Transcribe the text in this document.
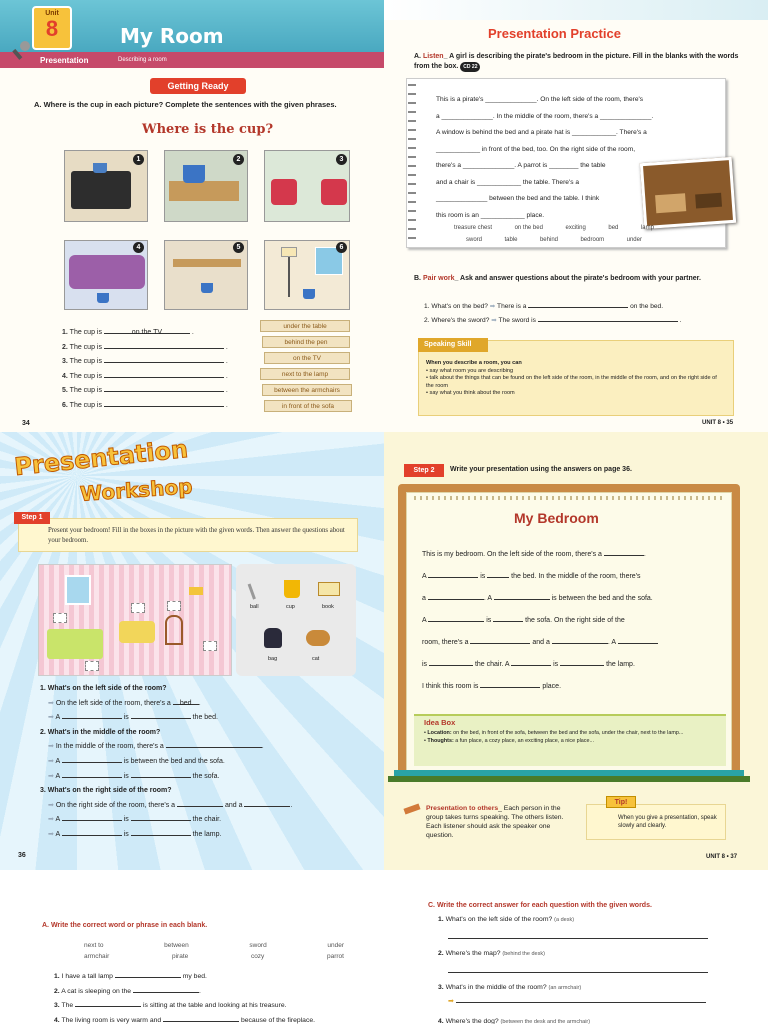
Unit
8	My Room
Presentation	Describing a room
Getting Ready
A. Where is the cup in each picture? Complete the sentences with the given phrases.
Where is the cup?
1	2	3
4	5	6
1. The cup is	on the TV	.
2. The cup is	.
3. The cup is	.
4. The cup is	.
5. The cup is	.
6. The cup is	.
under the table
behind the pen
on the TV
next to the lamp
between the armchairs
in front of the sofa
34
Presentation Practice
A. Listen_ A girl is describing the pirate's bedroom in the picture. Fill in the blanks with the words from the box. CD 22
This is a pirate's ______________. On the left side of the room, there's
a ______________. In the middle of the room, there's a ______________.
A window is behind the bed and a pirate hat is ____________. There's a
____________ in front of the bed, too. On the right side of the room,
there's a ______________. A parrot is ________ the table
and a chair is ____________ the table. There's a
______________ between the bed and the table. I think
this room is an ____________ place.
treasure chest	on the bed	exciting	bed	lamp
sword	table	behind	bedroom	under
B. Pair work_ Ask and answer questions about the pirate's bedroom with your partner.
1. What's on the bed? ➡ There is a	on the bed.
2. Where's the sword? ➡ The sword is	.
Speaking Skill
When you describe a room, you can
• say what room you are describing
• talk about the things that can be found on the left side of the room, in the middle of the room, and on the right side of the room
• say what you think about the room
UNIT 8 • 35
Presentation
Workshop
Step 1
Present your bedroom! Fill in the boxes in the picture with the given words. Then answer the questions about your bedroom.
ball	cup	book
bag	cat
1. What's on the left side of the room?
➡ On the left side of the room, there's a bed .
➡ A	is	the bed.
2. What's in the middle of the room?
➡ In the middle of the room, there's a	.
➡ A	is between the bed and the sofa.
➡ A	is	the sofa.
3. What's on the right side of the room?
➡ On the right side of the room, there's a	and a	.
➡ A	is	the chair.
➡ A	is	the lamp.
36
Step 2	Write your presentation using the answers on page 36.
My Bedroom
This is my bedroom. On the left side of the room, there's a	.
A	is	the bed. In the middle of the room, there's
a	. A	is between the bed and the sofa.
A	is	the sofa. On the right side of the
room, there's a	and a	. A
is	the chair. A	is	the lamp.
I think this room is	place.
Idea Box
• Location: on the bed, in front of the sofa, between the bed and the sofa, under the chair, next to the lamp...
• Thoughts: a fun place, a cozy place, an exciting place, a nice place...
Presentation to others_ Each person in the group takes turns speaking. The others listen. Each listener should ask the speaker one question.
Tip!
When you give a presentation, speak slowly and clearly.
UNIT 8 • 37
A. Write the correct word or phrase in each blank.
next to	between	sword	under
armchair	pirate	cozy	parrot
1. I have a tall lamp	my bed.
2. A cat is sleeping on the	.
3. The	is sitting at the table and looking at his treasure.
4. The living room is very warm and	because of the fireplace.
C. Write the correct answer for each question with the given words.
1. What's on the left side of the room? (a desk)
2. Where's the map? (behind the desk)
3. What's in the middle of the room? (an armchair)
➡
4. Where's the dog? (between the desk and the armchair)
